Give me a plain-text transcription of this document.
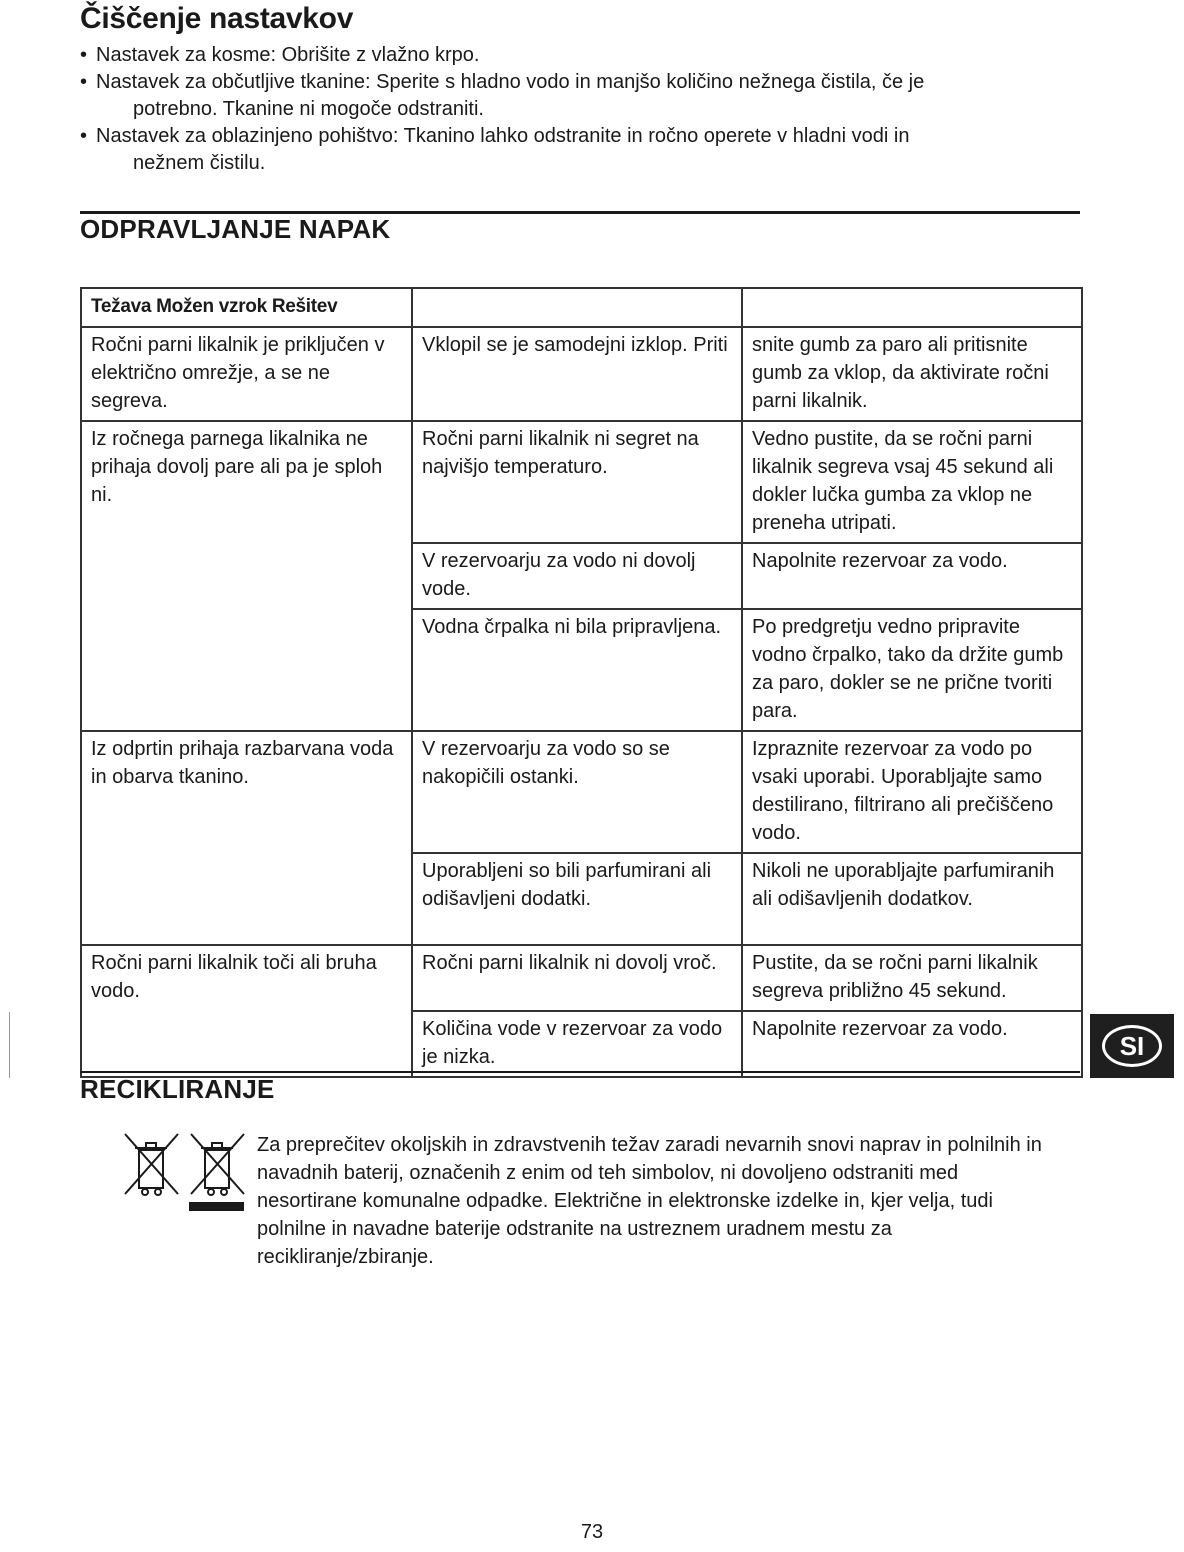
Čiščenje nastavkov
• Nastavek za kosme: Obrišite z vlažno krpo.
• Nastavek za občutljive tkanine: Sperite s hladno vodo in manjšo količino nežnega čistila, če je
potrebno. Tkanine ni mogoče odstraniti.
• Nastavek za oblazinjeno pohištvo: Tkanino lahko odstranite in ročno operete v hladni vodi in
nežnem čistilu.
ODPRAVLJANJE NAPAK
Težava Možen vzrok Rešitev		
Ročni parni likalnik je priključen v električno omrežje, a se ne segreva.	Vklopil se je samodejni izklop. Priti	snite gumb za paro ali pritisnite gumb za vklop, da aktivirate ročni parni likalnik.
Iz ročnega parnega likalnika ne prihaja dovolj pare ali pa je sploh ni.	Ročni parni likalnik ni segret na najvišjo temperaturo.	Vedno pustite, da se ročni parni likalnik segreva vsaj 45 sekund ali dokler lučka gumba za vklop ne preneha utripati.
	V rezervoarju za vodo ni dovolj vode.	Napolnite rezervoar za vodo.
	Vodna črpalka ni bila pripravljena.	Po predgretju vedno pripravite vodno črpalko, tako da držite gumb za paro, dokler se ne prične tvoriti para.
Iz odprtin prihaja razbarvana voda in obarva tkanino.	V rezervoarju za vodo so se nakopičili ostanki.	Izpraznite rezervoar za vodo po vsaki uporabi. Uporabljajte samo destilirano, filtrirano ali prečiščeno vodo.
	Uporabljeni so bili parfumirani ali odišavljeni dodatki.	Nikoli ne uporabljajte parfumiranih ali odišavljenih dodatkov.
Ročni parni likalnik toči ali bruha vodo.	Ročni parni likalnik ni dovolj vroč.	Pustite, da se ročni parni likalnik segreva približno 45 sekund.
	Količina vode v rezervoar za vodo je nizka.	Napolnite rezervoar za vodo.
RECIKLIRANJE
SI

Za preprečitev okoljskih in zdravstvenih težav zaradi nevarnih snovi naprav in polnilnih in navadnih baterij, označenih z enim od teh simbolov, ni dovoljeno odstraniti med nesortirane komunalne odpadke. Električne in elektronske izdelke in, kjer velja, tudi polnilne in navadne baterije odstranite na ustreznem uradnem mestu za recikliranje/zbiranje.

73
